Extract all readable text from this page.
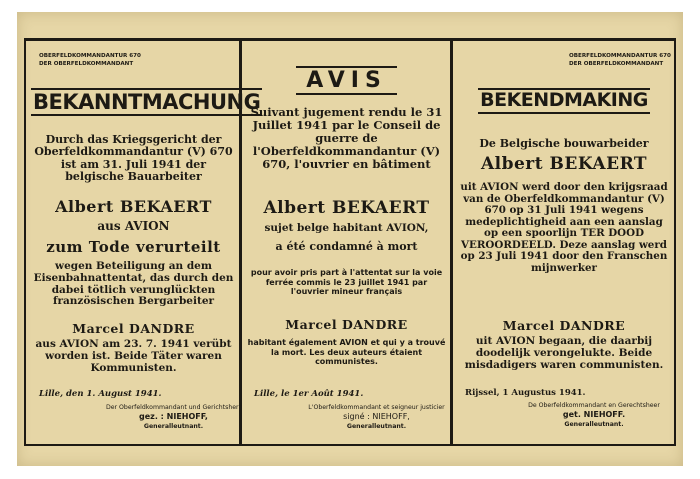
OBERFELDKOMMANDANTUR 670
DER OBERFELDKOMMANDANT
OBERFELDKOMMANDANTUR 670
DER OBERFELDKOMMANDANT
BEKANNTMACHUNG
Durch das Kriegsgericht der Oberfeldkommandantur (V) 670 ist am 31. Juli 1941 der belgische Bauarbeiter
Albert BEKAERT
aus AVION
zum Tode verurteilt
wegen Beteiligung an dem Eisenbahnattentat, das durch den dabei tötlich verunglückten französischen Bergarbeiter
Marcel DANDRE
aus AVION am 23. 7. 1941 verübt worden ist. Beide Täter waren Kommunisten.
Lille, den 1. August 1941.
Der Oberfeldkommandant und Gerichtsherr
gez. : NIEHOFF,
Generalleutnant.
AVIS
Suivant jugement rendu le 31 Juillet 1941 par le Conseil de guerre de l'Oberfeldkommandantur (V) 670, l'ouvrier en bâtiment
Albert BEKAERT
sujet belge habitant AVION,
a été condamné à mort
pour avoir pris part à l'attentat sur la voie ferrée commis le 23 juillet 1941 par l'ouvrier mineur français
Marcel DANDRE
habitant également AVION et qui y a trouvé la mort. Les deux auteurs étaient communistes.
Lille, le 1er Août 1941.
L'Oberfeldkommandant et seigneur justicier
signé : NIEHOFF,
Generalleutnant.
BEKENDMAKING
De Belgische bouwarbeider
Albert BEKAERT
uit AVION werd door den krijgsraad van de Oberfeldkommandantur (V) 670 op 31 Juli 1941 wegens medeplichtigheid aan een aanslag op een spoorlijn TER DOOD VEROORDEELD. Deze aanslag werd op 23 Juli 1941 door den Franschen mijnwerker
Marcel DANDRE
uit AVION begaan, die daarbij doodelijk verongelukte. Beide misdadigers waren communisten.
Rijssel, 1 Augustus 1941.
De Oberfeldkommandant en Gerechtsheer
get. NIEHOFF.
Generalleutnant.
